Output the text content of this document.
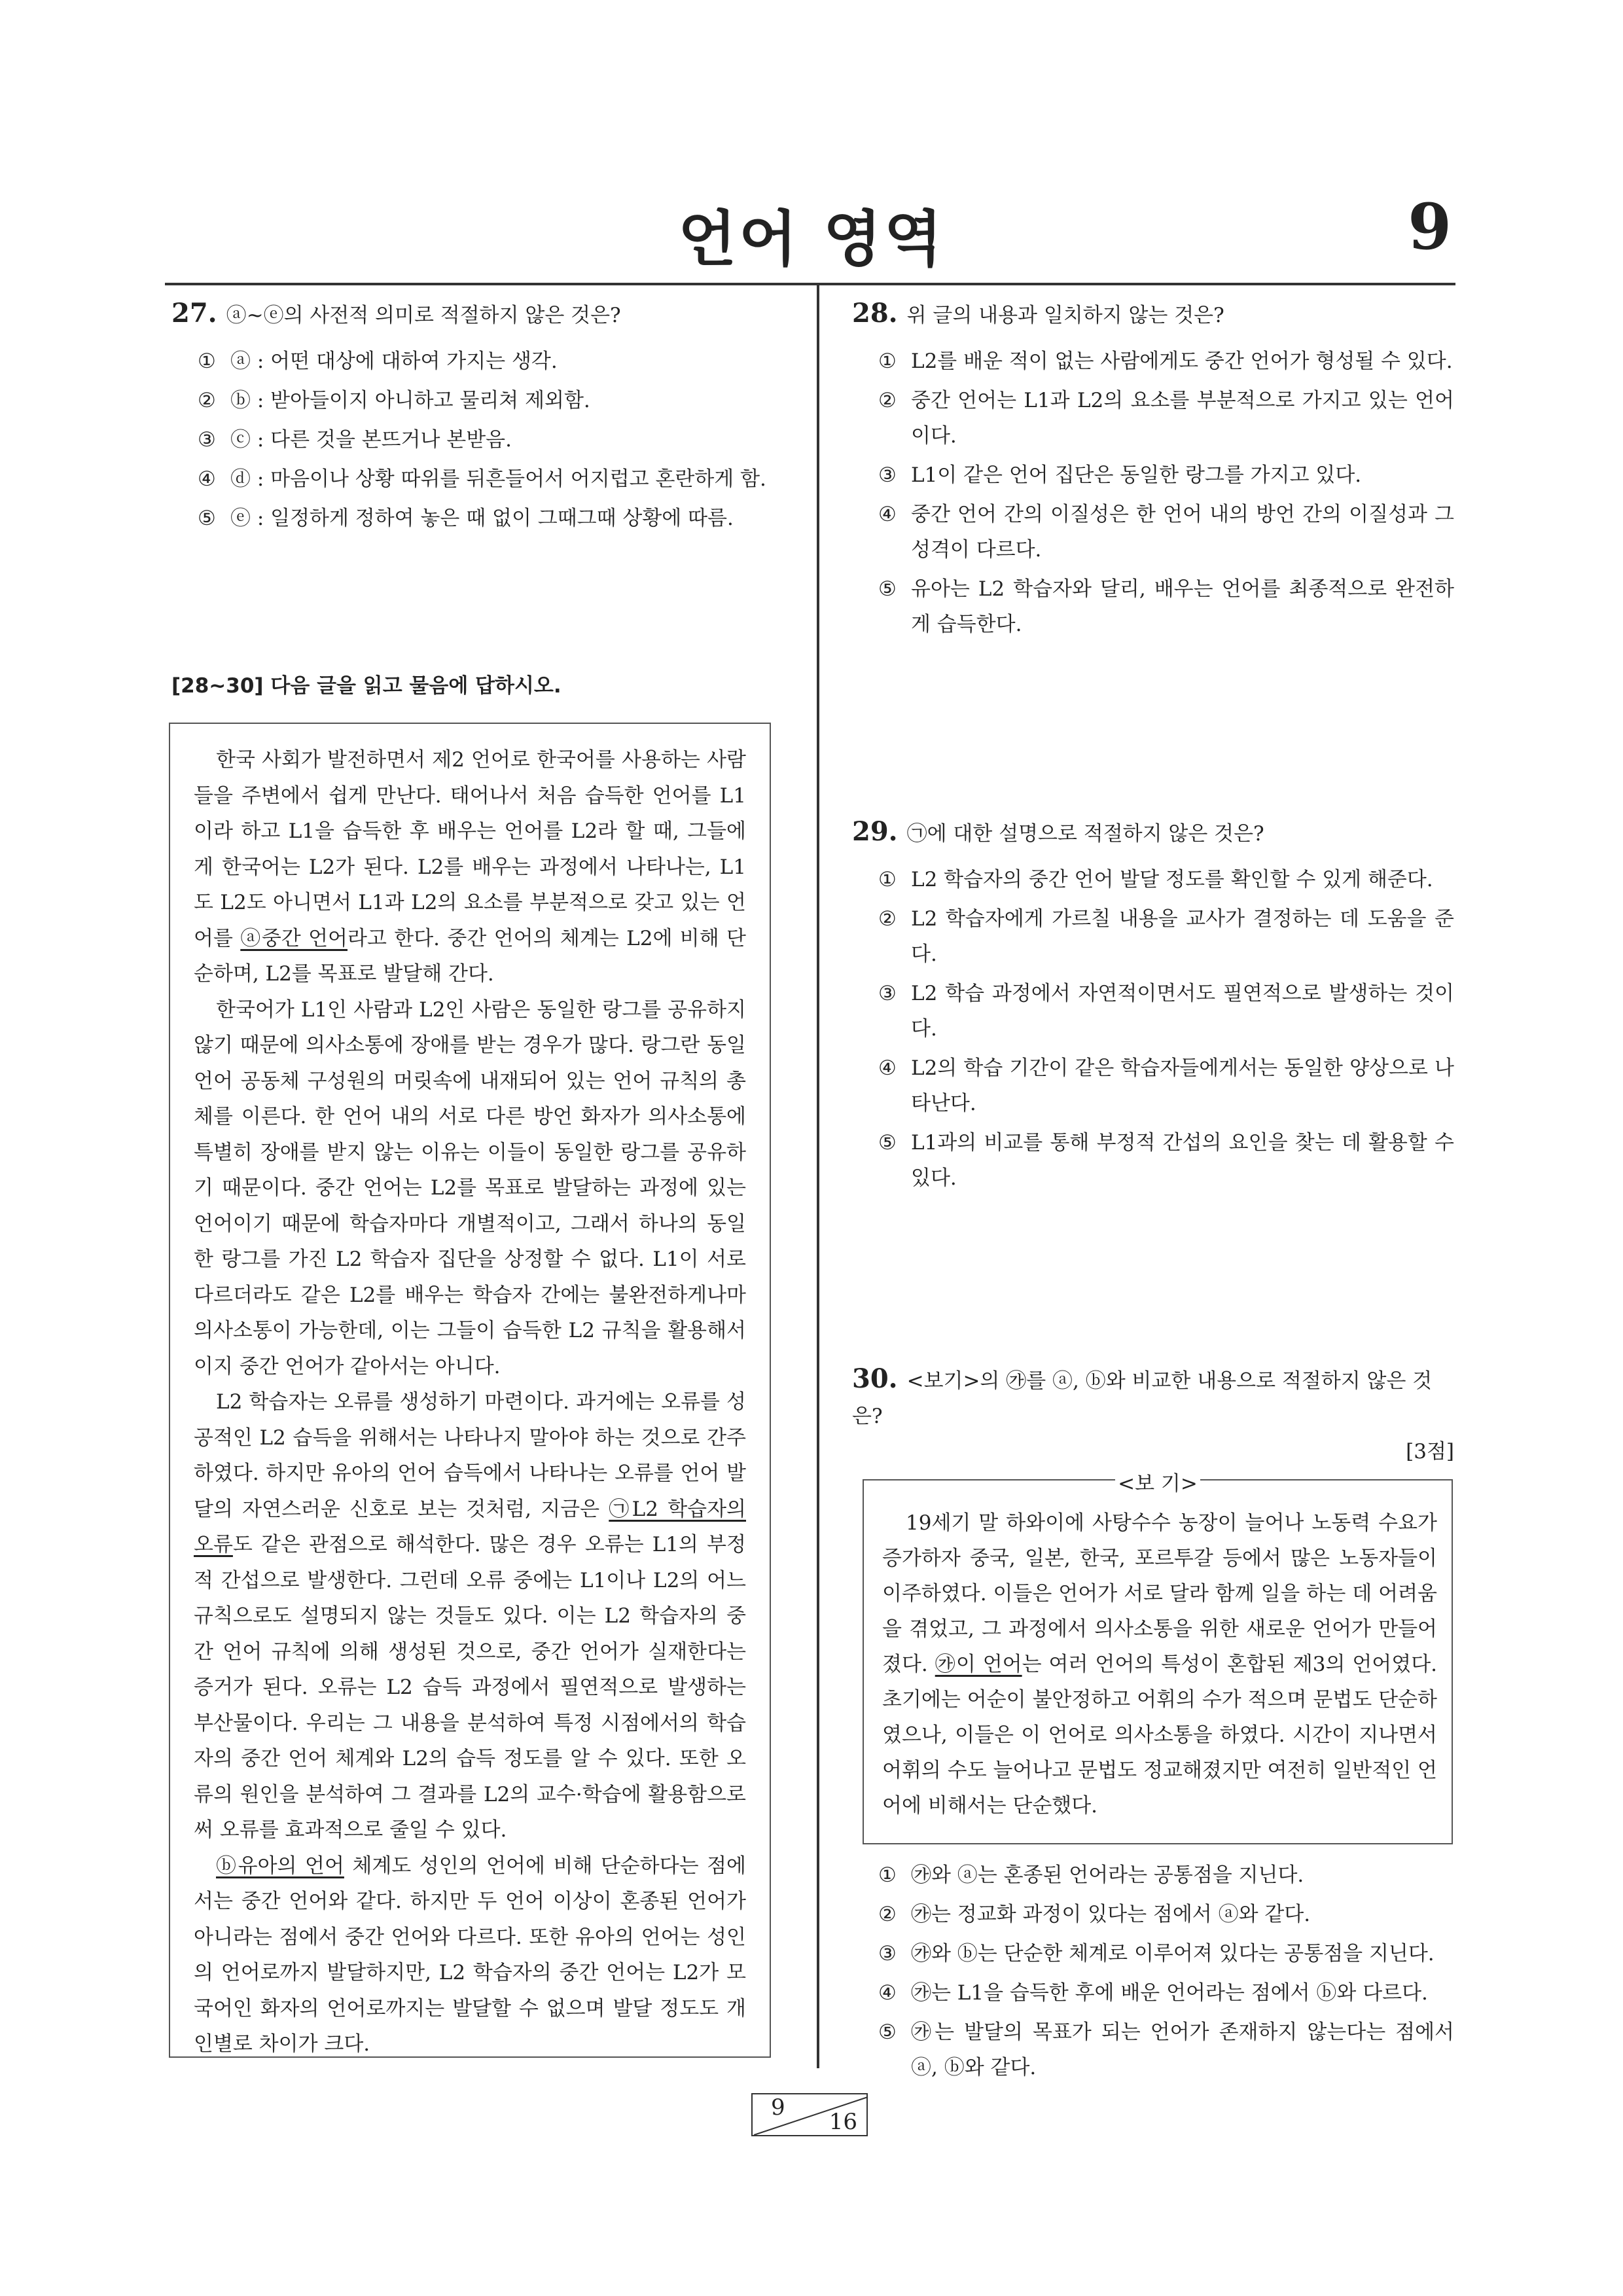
언어 영역	9

27. ⓐ~ⓔ의 사전적 의미로 적절하지 않은 것은?

① ⓐ : 어떤 대상에 대하여 가지는 생각.
② ⓑ : 받아들이지 아니하고 물리쳐 제외함.
③ ⓒ : 다른 것을 본뜨거나 본받음.
④ ⓓ : 마음이나 상황 따위를 뒤흔들어서 어지럽고 혼란하게 함.
⑤ ⓔ : 일정하게 정하여 놓은 때 없이 그때그때 상황에 따름.
[28~30] 다음 글을 읽고 물음에 답하시오.

한국 사회가 발전하면서 제2 언어로 한국어를 사용하는 사람들을 주변에서 쉽게 만난다. 태어나서 처음 습득한 언어를 L1이라 하고 L1을 습득한 후 배우는 언어를 L2라 할 때, 그들에게 한국어는 L2가 된다. L2를 배우는 과정에서 나타나는, L1도 L2도 아니면서 L1과 L2의 요소를 부분적으로 갖고 있는 언어를 ⓐ중간 언어라고 한다. 중간 언어의 체계는 L2에 비해 단순하며, L2를 목표로 발달해 간다.

한국어가 L1인 사람과 L2인 사람은 동일한 랑그를 공유하지 않기 때문에 의사소통에 장애를 받는 경우가 많다. 랑그란 동일 언어 공동체 구성원의 머릿속에 내재되어 있는 언어 규칙의 총체를 이른다. 한 언어 내의 서로 다른 방언 화자가 의사소통에 특별히 장애를 받지 않는 이유는 이들이 동일한 랑그를 공유하기 때문이다. 중간 언어는 L2를 목표로 발달하는 과정에 있는 언어이기 때문에 학습자마다 개별적이고, 그래서 하나의 동일한 랑그를 가진 L2 학습자 집단을 상정할 수 없다. L1이 서로 다르더라도 같은 L2를 배우는 학습자 간에는 불완전하게나마 의사소통이 가능한데, 이는 그들이 습득한 L2 규칙을 활용해서이지 중간 언어가 같아서는 아니다.

L2 학습자는 오류를 생성하기 마련이다. 과거에는 오류를 성공적인 L2 습득을 위해서는 나타나지 말아야 하는 것으로 간주하였다. 하지만 유아의 언어 습득에서 나타나는 오류를 언어 발달의 자연스러운 신호로 보는 것처럼, 지금은 ㉠L2 학습자의 오류도 같은 관점으로 해석한다. 많은 경우 오류는 L1의 부정적 간섭으로 발생한다. 그런데 오류 중에는 L1이나 L2의 어느 규칙으로도 설명되지 않는 것들도 있다. 이는 L2 학습자의 중간 언어 규칙에 의해 생성된 것으로, 중간 언어가 실재한다는 증거가 된다. 오류는 L2 습득 과정에서 필연적으로 발생하는 부산물이다. 우리는 그 내용을 분석하여 특정 시점에서의 학습자의 중간 언어 체계와 L2의 습득 정도를 알 수 있다. 또한 오류의 원인을 분석하여 그 결과를 L2의 교수·학습에 활용함으로써 오류를 효과적으로 줄일 수 있다.

ⓑ유아의 언어 체계도 성인의 언어에 비해 단순하다는 점에서는 중간 언어와 같다. 하지만 두 언어 이상이 혼종된 언어가 아니라는 점에서 중간 언어와 다르다. 또한 유아의 언어는 성인의 언어로까지 발달하지만, L2 학습자의 중간 언어는 L2가 모국어인 화자의 언어로까지는 발달할 수 없으며 발달 정도도 개인별로 차이가 크다.

28. 위 글의 내용과 일치하지 않는 것은?

① L2를 배운 적이 없는 사람에게도 중간 언어가 형성될 수 있다.
② 중간 언어는 L1과 L2의 요소를 부분적으로 가지고 있는 언어이다.
③ L1이 같은 언어 집단은 동일한 랑그를 가지고 있다.
④ 중간 언어 간의 이질성은 한 언어 내의 방언 간의 이질성과 그 성격이 다르다.
⑤ 유아는 L2 학습자와 달리, 배우는 언어를 최종적으로 완전하게 습득한다.

29. ㉠에 대한 설명으로 적절하지 않은 것은?

① L2 학습자의 중간 언어 발달 정도를 확인할 수 있게 해준다.
② L2 학습자에게 가르칠 내용을 교사가 결정하는 데 도움을 준다.
③ L2 학습 과정에서 자연적이면서도 필연적으로 발생하는 것이다.
④ L2의 학습 기간이 같은 학습자들에게서는 동일한 양상으로 나타난다.
⑤ L1과의 비교를 통해 부정적 간섭의 요인을 찾는 데 활용할 수 있다.

30. <보기>의 ㉮를 ⓐ, ⓑ와 비교한 내용으로 적절하지 않은 것은?

[3점]
<보 기>

19세기 말 하와이에 사탕수수 농장이 늘어나 노동력 수요가 증가하자 중국, 일본, 한국, 포르투갈 등에서 많은 노동자들이 이주하였다. 이들은 언어가 서로 달라 함께 일을 하는 데 어려움을 겪었고, 그 과정에서 의사소통을 위한 새로운 언어가 만들어졌다. ㉮이 언어는 여러 언어의 특성이 혼합된 제3의 언어였다. 초기에는 어순이 불안정하고 어휘의 수가 적으며 문법도 단순하였으나, 이들은 이 언어로 의사소통을 하였다. 시간이 지나면서 어휘의 수도 늘어나고 문법도 정교해졌지만 여전히 일반적인 언어에 비해서는 단순했다.

① ㉮와 ⓐ는 혼종된 언어라는 공통점을 지닌다.
② ㉮는 정교화 과정이 있다는 점에서 ⓐ와 같다.
③ ㉮와 ⓑ는 단순한 체계로 이루어져 있다는 공통점을 지닌다.
④ ㉮는 L1을 습득한 후에 배운 언어라는 점에서 ⓑ와 다르다.
⑤ ㉮는 발달의 목표가 되는 언어가 존재하지 않는다는 점에서 ⓐ, ⓑ와 같다.
9
16
